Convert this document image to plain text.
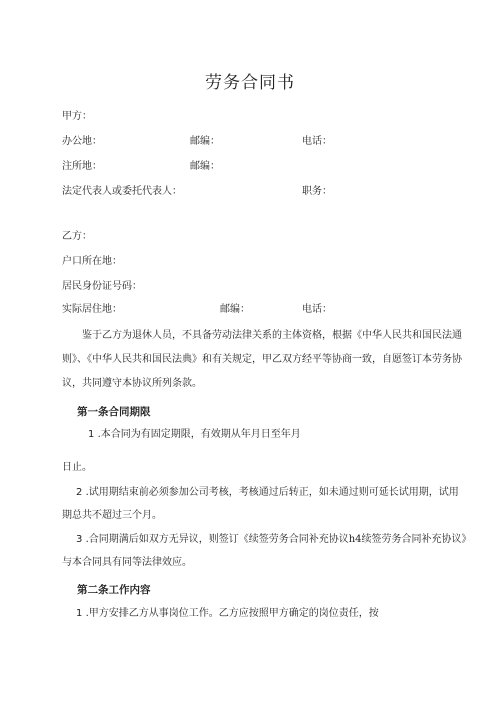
劳务合同书
甲方：
办公地：	邮编：	电话：
注所地：	邮编：
法定代表人或委托代表人：	职务：
乙方：
户口所在地：
居民身份证号码：
实际居住地：	邮编：	电话：
鉴于乙方为退休人员，不具备劳动法律关系的主体资格，根据《中华人民共和国民法通
则》、《中华人民共和国民法典》和有关规定，甲乙双方经平等协商一致，自愿签订本劳务协
议，共同遵守本协议所列条款。
第一条合同期限
1 .本合同为有固定期限，有效期从年月日至年月
日止。
2 .试用期结束前必须参加公司考核，考核通过后转正，如未通过则可延长试用期，试用
期总共不超过三个月。
3 .合同期满后如双方无异议，则签订《续签劳务合同补充协议h4续签劳务合同补充协议》
与本合同具有同等法律效应。
第二条工作内容
1 .甲方安排乙方从事岗位工作。乙方应按照甲方确定的岗位责任，按
